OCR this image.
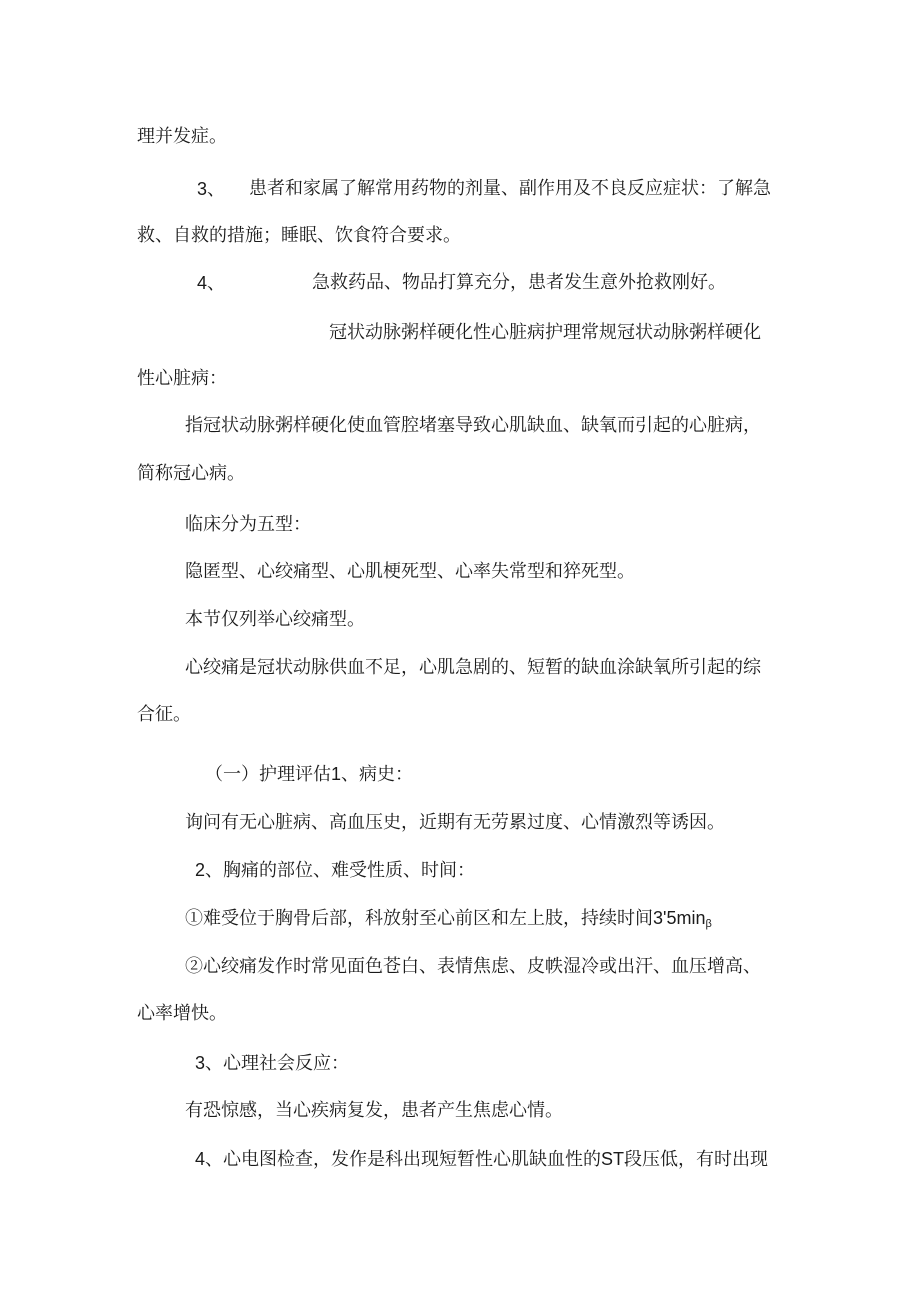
理并发症。
3、 患者和家属了解常用药物的剂量、副作用及不良反应症状：了解急
救、自救的措施；睡眠、饮食符合要求。
4、	急救药品、物品打算充分，患者发生意外抢救刚好。
冠状动脉粥样硬化性心脏病护理常规冠状动脉粥样硬化
性心脏病：
指冠状动脉粥样硬化使血管腔堵塞导致心肌缺血、缺氧而引起的心脏病，
简称冠心病。
临床分为五型：
隐匿型、心绞痛型、心肌梗死型、心率失常型和猝死型。
本节仅列举心绞痛型。
心绞痛是冠状动脉供血不足，心肌急剧的、短暂的缺血涂缺氧所引起的综
合征。
（一）护理评估1、病史：
询问有无心脏病、高血压史，近期有无劳累过度、心情激烈等诱因。
2、胸痛的部位、难受性质、时间：
①难受位于胸骨后部，科放射至心前区和左上肢，持续时间$3'5\min_\beta$
②心绞痛发作时常见面色苍白、表情焦虑、皮帙湿冷或出汗、血压增高、
心率增快。
3、心理社会反应：
有恐惊感，当心疾病复发，患者产生焦虑心情。
4、心电图检查，发作是科出现短暂性心肌缺血性的ST段压低，有时出现
